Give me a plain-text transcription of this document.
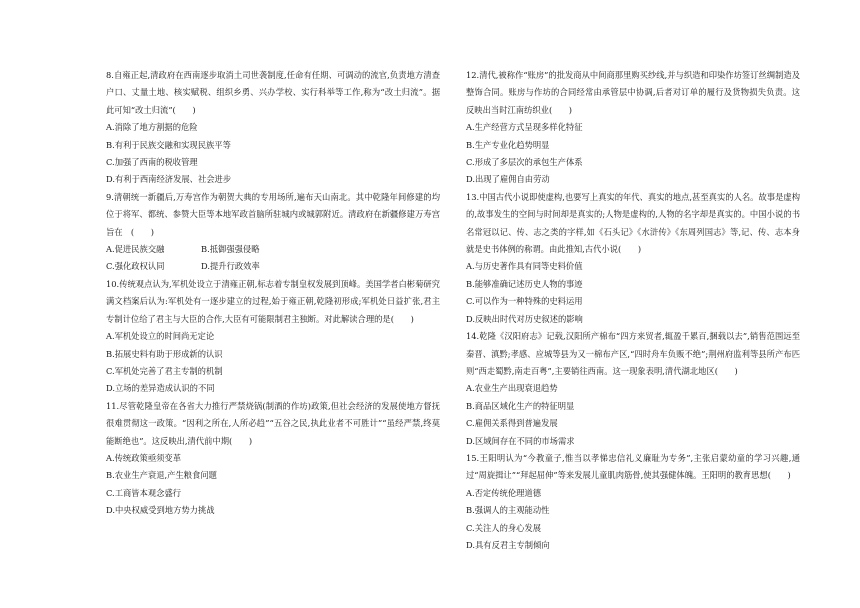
8.自雍正起,清政府在西南逐步取消土司世袭制度,任命有任期、可调动的流官,负责地方清查户口、丈量土地、核实赋税、组织乡勇、兴办学校、实行科举等工作,称为“改土归流”。据此可知“改土归流”(　　)

A.消除了地方割据的危险

B.有利于民族交融和实现民族平等

C.加强了西南的税收管理

D.有利于西南经济发展、社会进步

9.清朝统一新疆后,万寿宫作为朝贺大典的专用场所,遍布天山南北。其中乾隆年间修建的均位于将军、都统、参赞大臣等本地军政首脑所驻城内或城郭附近。清政府在新疆修建万寿宫旨在　(　　)

A.促进民族交融	B.抵御强强侵略

C.强化政权认同	D.提升行政效率

10.传统观点认为,军机处设立于清雍正朝,标志着专制皇权发展到顶峰。美国学者白彬菊研究满文档案后认为:军机处有一逐步建立的过程,始于雍正朝,乾隆初形成;军机处日益扩张,君主专制计位给了君主与大臣的合作,大臣有可能限制君主独断。对此解读合理的是(　　)

A.军机处设立的时间尚无定论

B.拓展史料有助于形成新的认识

C.军机处完善了君主专制的机制

D.立场的差异造成认识的不同

11.尽管乾隆皇帝在各省大力推行严禁烧锅(制酒的作坊)政策,但社会经济的发展使地方督抚很难贯彻这一政策。“因利之所在,人所必趋”“五谷之民,执此业者不可胜计”“虽经严禁,终莫能断绝也”。这反映出,清代前中期(　　)

A.传统政策亟须变革

B.农业生产衰退,产生粮食问题

C.工商皆本观念盛行

D.中央权威受到地方势力挑战

12.清代,被称作“账房”的批发商从中间商那里购买纱线,并与织造和印染作坊签订丝绸制造及整饰合同。账房与作坊的合同经常由承管层中协调,后者对订单的履行及货物损失负责。这反映出当时江南纺织业(　　)

A.生产经营方式呈现多样化特征

B.生产专业化趋势明显

C.形成了多层次的承包生产体系

D.出现了雇佣自由劳动

13.中国古代小说即使虚构,也要写上真实的年代、真实的地点,甚至真实的人名。故事是虚构的,故事发生的空间与时间却是真实的;人物是虚构的,人物的名字却是真实的。中国小说的书名常冠以记、传、志之类的字样,如《石头记》《水浒传》《东周列国志》等,记、传、志本身就是史书体例的称谓。由此推知,古代小说(　　)

A.与历史著作具有同等史料价值

B.能够准确记述历史人物的事迹

C.可以作为一种特殊的史料运用

D.反映出时代对历史叙述的影响

14.乾隆《汉阳府志》记载,汉阳所产棉布“四方来贸者,辄盈千累百,捆载以去”,销售范围远至秦晋、滇黔;孝感、应城等县为又一棉布产区,“四时舟车负贩不绝”;荆州府监利等县所产布匹则“西走蜀黔,南走百粤”,主要销往西南。这一现象表明,清代湖北地区(　　)

A.农业生产出现衰退趋势

B.商品区域化生产的特征明显

C.雇佣关系得到普遍发展

D.区域间存在不同的市场需求

15.王阳明认为“今教童子,惟当以孝悌忠信礼义廉耻为专务”,主张启蒙幼童的学习兴趣,通过“周旋揖让”“拜起屈伸”等来发展儿童肌肉筋骨,使其强健体魄。王阳明的教育思想(　　)

A.否定传统伦理道德

B.强调人的主观能动性

C.关注人的身心发展

D.具有反君主专制倾向
